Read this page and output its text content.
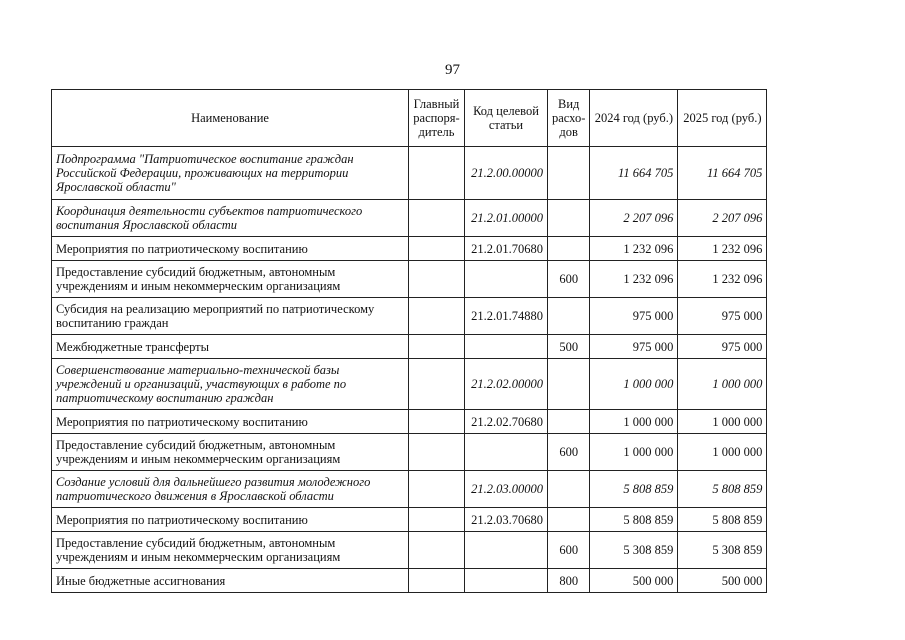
97
Наименование	Главный распоря-дитель	Код целевой статьи	Вид расхо-дов	2024 год (руб.)	2025 год (руб.)
Подпрограмма "Патриотическое воспитание граждан Российской Федерации, проживающих на территории Ярославской области"		21.2.00.00000		11 664 705	11 664 705
Координация деятельности субъектов патриотического воспитания Ярославской области		21.2.01.00000		2 207 096	2 207 096
Мероприятия по патриотическому воспитанию		21.2.01.70680		1 232 096	1 232 096
Предоставление субсидий бюджетным, автономным учреждениям и иным некоммерческим организациям			600	1 232 096	1 232 096
Субсидия на реализацию мероприятий по патриотическому воспитанию граждан		21.2.01.74880		975 000	975 000
Межбюджетные трансферты			500	975 000	975 000
Совершенствование материально-технической базы учреждений и организаций, участвующих в работе по патриотическому воспитанию граждан		21.2.02.00000		1 000 000	1 000 000
Мероприятия по патриотическому воспитанию		21.2.02.70680		1 000 000	1 000 000
Предоставление субсидий бюджетным, автономным учреждениям и иным некоммерческим организациям			600	1 000 000	1 000 000
Создание условий для дальнейшего развития молодежного патриотического движения в Ярославской области		21.2.03.00000		5 808 859	5 808 859
Мероприятия по патриотическому воспитанию		21.2.03.70680		5 808 859	5 808 859
Предоставление субсидий бюджетным, автономным учреждениям и иным некоммерческим организациям			600	5 308 859	5 308 859
Иные бюджетные ассигнования			800	500 000	500 000
